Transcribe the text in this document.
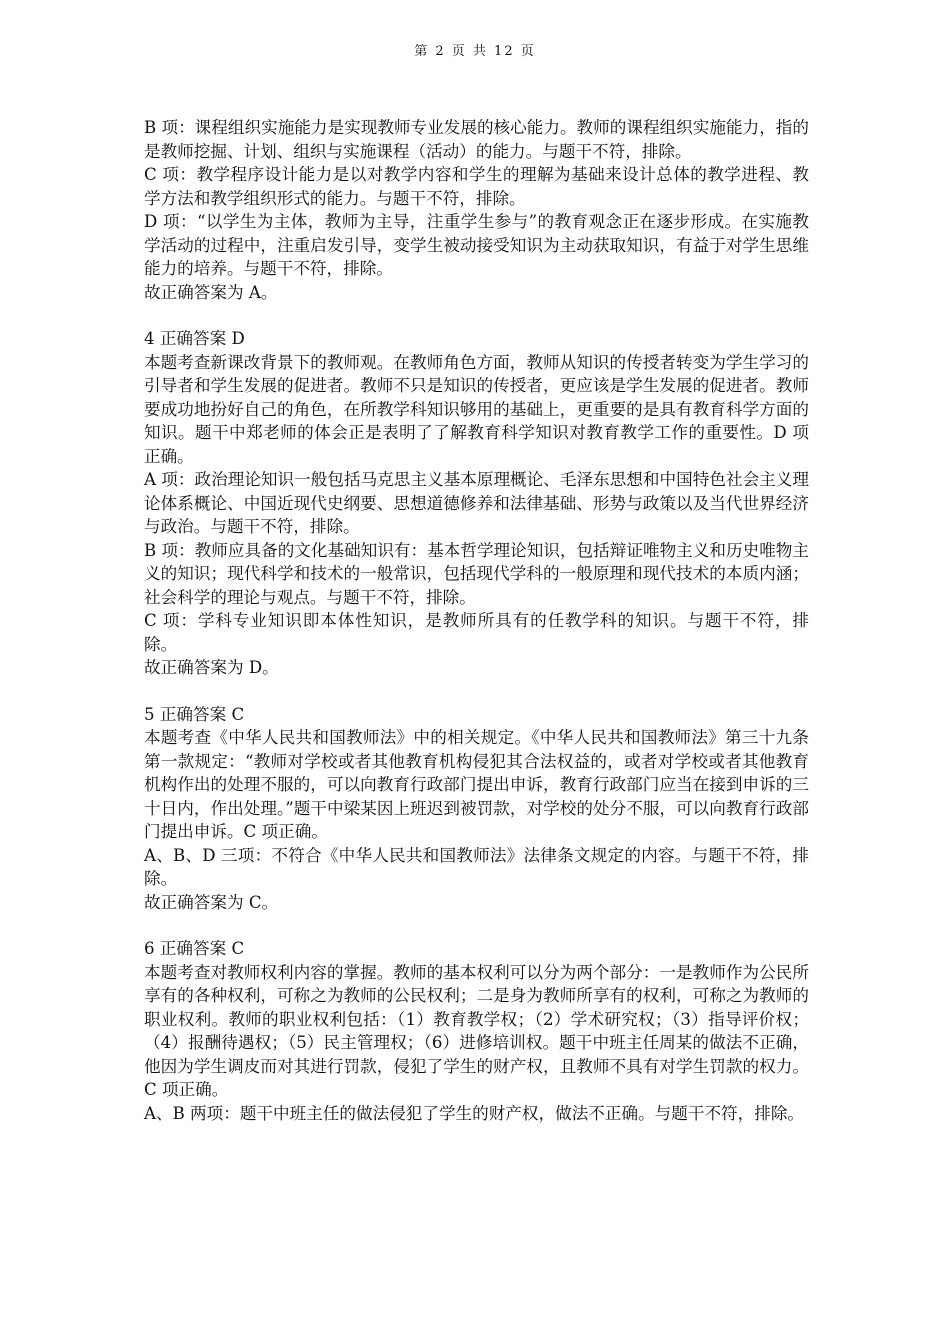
第 2 页 共 12 页

B 项：课程组织实施能力是实现教师专业发展的核心能力。教师的课程组织实施能力，指的是教师挖掘、计划、组织与实施课程（活动）的能力。与题干不符，排除。

C 项：教学程序设计能力是以对教学内容和学生的理解为基础来设计总体的教学进程、教学方法和教学组织形式的能力。与题干不符，排除。

D 项：“以学生为主体，教师为主导，注重学生参与”的教育观念正在逐步形成。在实施教学活动的过程中，注重启发引导，变学生被动接受知识为主动获取知识，有益于对学生思维能力的培养。与题干不符，排除。

故正确答案为 A。

4 正确答案 D

本题考查新课改背景下的教师观。在教师角色方面，教师从知识的传授者转变为学生学习的引导者和学生发展的促进者。教师不只是知识的传授者，更应该是学生发展的促进者。教师要成功地扮好自己的角色，在所教学科知识够用的基础上，更重要的是具有教育科学方面的知识。题干中郑老师的体会正是表明了了解教育科学知识对教育教学工作的重要性。D 项正确。

A 项：政治理论知识一般包括马克思主义基本原理概论、毛泽东思想和中国特色社会主义理论体系概论、中国近现代史纲要、思想道德修养和法律基础、形势与政策以及当代世界经济与政治。与题干不符，排除。

B 项：教师应具备的文化基础知识有：基本哲学理论知识，包括辩证唯物主义和历史唯物主义的知识；现代科学和技术的一般常识，包括现代学科的一般原理和现代技术的本质内涵；社会科学的理论与观点。与题干不符，排除。

C 项：学科专业知识即本体性知识，是教师所具有的任教学科的知识。与题干不符，排除。

故正确答案为 D。

5 正确答案 C

本题考查《中华人民共和国教师法》中的相关规定。《中华人民共和国教师法》第三十九条第一款规定：“教师对学校或者其他教育机构侵犯其合法权益的，或者对学校或者其他教育机构作出的处理不服的，可以向教育行政部门提出申诉，教育行政部门应当在接到申诉的三十日内，作出处理。”题干中梁某因上班迟到被罚款，对学校的处分不服，可以向教育行政部门提出申诉。C 项正确。

A、B、D 三项：不符合《中华人民共和国教师法》法律条文规定的内容。与题干不符，排除。

故正确答案为 C。

6 正确答案 C

本题考查对教师权利内容的掌握。教师的基本权利可以分为两个部分：一是教师作为公民所享有的各种权利，可称之为教师的公民权利；二是身为教师所享有的权利，可称之为教师的职业权利。教师的职业权利包括：（1）教育教学权；（2）学术研究权；（3）指导评价权；（4）报酬待遇权；（5）民主管理权；（6）进修培训权。题干中班主任周某的做法不正确，他因为学生调皮而对其进行罚款，侵犯了学生的财产权，且教师不具有对学生罚款的权力。C 项正确。

A、B 两项：题干中班主任的做法侵犯了学生的财产权，做法不正确。与题干不符，排除。
